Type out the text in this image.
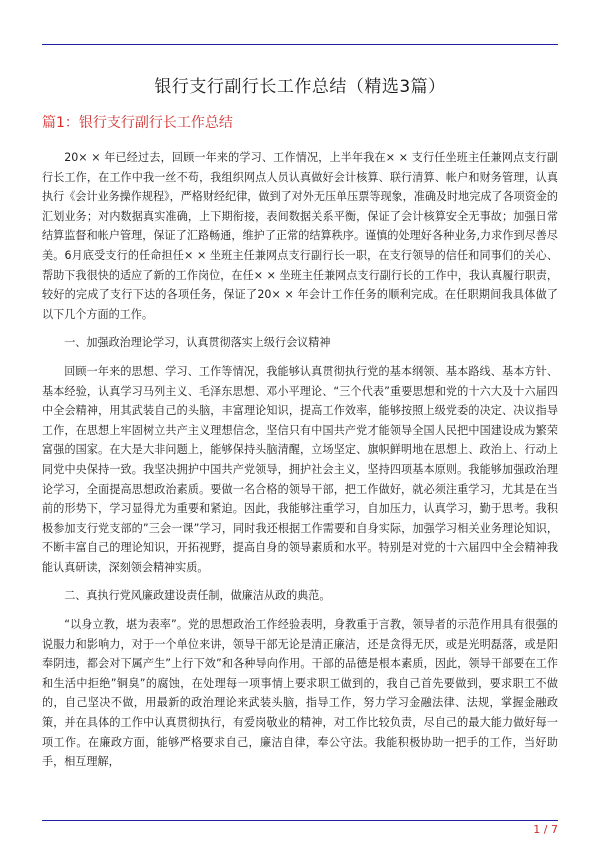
银行支行副行长工作总结（精选3篇）
篇1：银行支行副行长工作总结

20× × 年已经过去，回顾一年来的学习、工作情况，上半年我在× × 支行任坐班主任兼网点支行副行长工作，在工作中我一丝不苟，我组织网点人员认真做好会计核算、联行清算、帐户和财务管理，认真执行《会计业务操作规程》，严格财经纪律，做到了对外无压单压票等现象，准确及时地完成了各项资金的汇划业务；对内数据真实准确，上下期衔接，表间数据关系平衡，保证了会计核算安全无事故；加强日常结算监督和帐户管理，保证了汇路畅通，维护了正常的结算秩序。谨慎的处理好各种业务,力求作到尽善尽美。6月底受支行的任命担任× × 坐班主任兼网点支行副行长一职，在支行领导的信任和同事们的关心、帮助下我很快的适应了新的工作岗位，在任× × 坐班主任兼网点支行副行长的工作中，我认真履行职责，较好的完成了支行下达的各项任务，保证了20× × 年会计工作任务的顺利完成。在任职期间我具体做了以下几个方面的工作。

一、加强政治理论学习，认真贯彻落实上级行会议精神

回顾一年来的思想、学习、工作等情况，我能够认真贯彻执行党的基本纲领、基本路线、基本方针、基本经验，认真学习马列主义、毛泽东思想、邓小平理论、“三个代表”重要思想和党的十六大及十六届四中全会精神，用其武装自己的头脑，丰富理论知识，提高工作效率，能够按照上级党委的决定、决议指导工作，在思想上牢固树立共产主义理想信念，坚信只有中国共产党才能领导全国人民把中国建设成为繁荣富强的国家。在大是大非问题上，能够保持头脑清醒，立场坚定、旗帜鲜明地在思想上、政治上、行动上同党中央保持一致。我坚决拥护中国共产党领导，拥护社会主义，坚持四项基本原则。我能够加强政治理论学习，全面提高思想政治素质。要做一名合格的领导干部，把工作做好，就必须注重学习，尤其是在当前的形势下，学习显得尤为重要和紧迫。因此，我能够注重学习，自加压力，认真学习，勤于思考。我积极参加支行党支部的”三会一课”学习，同时我还根据工作需要和自身实际，加强学习相关业务理论知识，不断丰富自己的理论知识，开拓视野，提高自身的领导素质和水平。特别是对党的十六届四中全会精神我能认真研读，深刻领会精神实质。

二、真执行党风廉政建设责任制，做廉洁从政的典范。

“以身立教，堪为表率”。党的思想政治工作经验表明，身教重于言教，领导者的示范作用具有很强的说服力和影响力，对于一个单位来讲，领导干部无论是清正廉洁，还是贪得无厌，或是光明磊落，或是阳奉阴违，都会对下属产生”上行下效”和各种导向作用。干部的品德是根本素质，因此，领导干部要在工作和生活中拒绝”铜臭”的腐蚀，在处理每一项事情上要求职工做到的，我自己首先要做到，要求职工不做的，自己坚决不做，用最新的政治理论来武装头脑，指导工作，努力学习金融法律、法规，掌握金融政策，并在具体的工作中认真贯彻执行，有爱岗敬业的精神，对工作比较负责，尽自己的最大能力做好每一项工作。在廉政方面，能够严格要求自己，廉洁自律，奉公守法。我能积极协助一把手的工作，当好助手，相互理解，

1 / 7
